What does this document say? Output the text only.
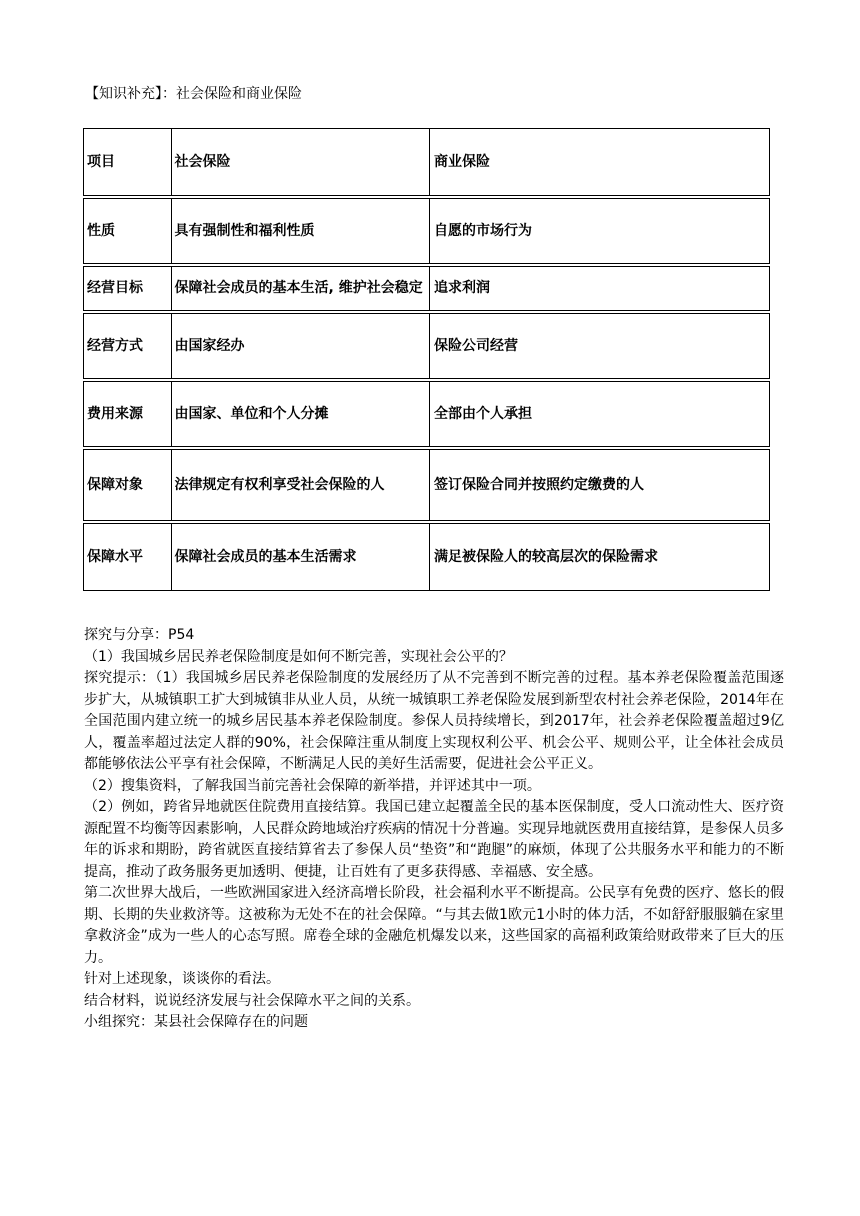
【知识补充】：社会保险和商业保险
项目	社会保险	商业保险
性质	具有强制性和福利性质	自愿的市场行为
经营目标	保障社会成员的基本生活, 维护社会稳定	追求利润
经营方式	由国家经办	保险公司经营
费用来源	由国家、单位和个人分摊	全部由个人承担
保障对象	法律规定有权利享受社会保险的人	签订保险合同并按照约定缴费的人
保障水平	保障社会成员的基本生活需求	满足被保险人的较高层次的保险需求

探究与分享：P54

（1）我国城乡居民养老保险制度是如何不断完善，实现社会公平的？

探究提示：（1）我国城乡居民养老保险制度的发展经历了从不完善到不断完善的过程。基本养老保险覆盖范围逐步扩大，从城镇职工扩大到城镇非从业人员，从统一城镇职工养老保险发展到新型农村社会养老保险，2014年在全国范围内建立统一的城乡居民基本养老保险制度。参保人员持续增长，到2017年，社会养老保险覆盖超过9亿人，覆盖率超过法定人群的90%，社会保障注重从制度上实现权利公平、机会公平、规则公平，让全体社会成员都能够依法公平享有社会保障，不断满足人民的美好生活需要，促进社会公平正义。

（2）搜集资料，了解我国当前完善社会保障的新举措，并评述其中一项。

（2）例如，跨省异地就医住院费用直接结算。我国已建立起覆盖全民的基本医保制度，受人口流动性大、医疗资源配置不均衡等因素影响，人民群众跨地域治疗疾病的情况十分普遍。实现异地就医费用直接结算，是参保人员多年的诉求和期盼，跨省就医直接结算省去了参保人员“垫资”和“跑腿”的麻烦，体现了公共服务水平和能力的不断提高，推动了政务服务更加透明、便捷，让百姓有了更多获得感、幸福感、安全感。

第二次世界大战后，一些欧洲国家进入经济高增长阶段，社会福利水平不断提高。公民享有免费的医疗、悠长的假期、长期的失业救济等。这被称为无处不在的社会保障。“与其去做1欧元1小时的体力活，不如舒舒服服躺在家里拿救济金”成为一些人的心态写照。席卷全球的金融危机爆发以来，这些国家的高福利政策给财政带来了巨大的压力。

针对上述现象，谈谈你的看法。

结合材料，说说经济发展与社会保障水平之间的关系。

小组探究：某县社会保障存在的问题
